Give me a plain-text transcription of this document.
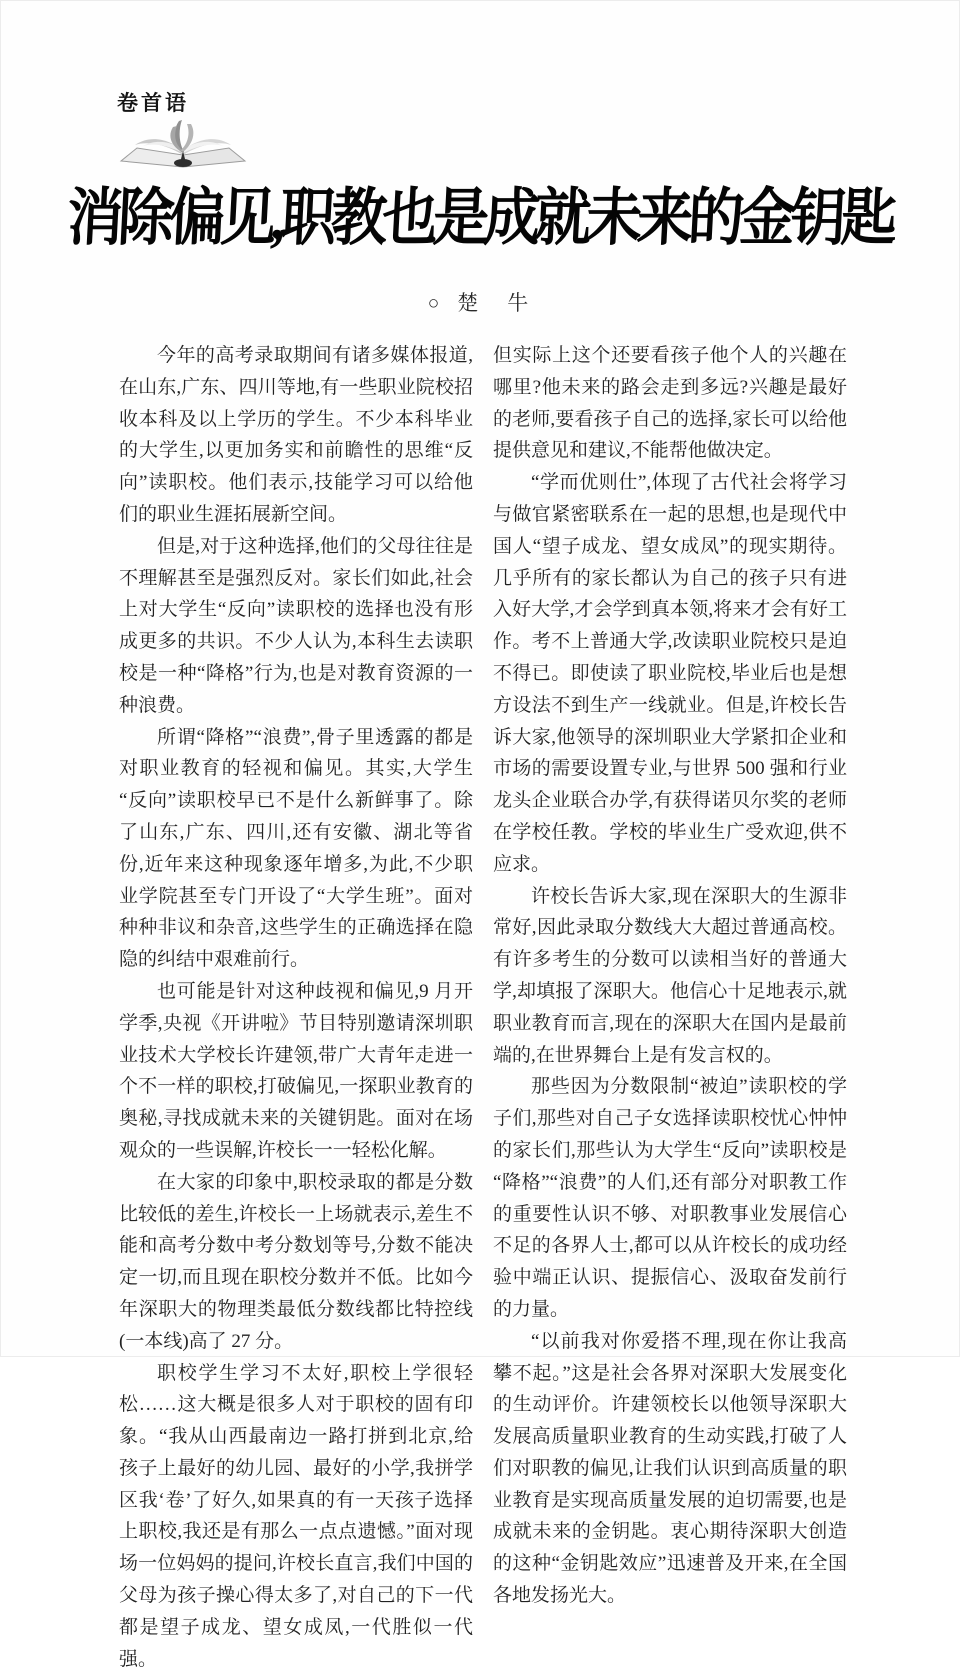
卷首语
消除偏见,职教也是成就未来的金钥匙
○ 楚　牛

今年的高考录取期间有诸多媒体报道,在山东,广东、四川等地,有一些职业院校招收本科及以上学历的学生。不少本科毕业的大学生,以更加务实和前瞻性的思维“反向”读职校。他们表示,技能学习可以给他们的职业生涯拓展新空间。

但是,对于这种选择,他们的父母往往是不理解甚至是强烈反对。家长们如此,社会上对大学生“反向”读职校的选择也没有形成更多的共识。不少人认为,本科生去读职校是一种“降格”行为,也是对教育资源的一种浪费。

所谓“降格”“浪费”,骨子里透露的都是对职业教育的轻视和偏见。其实,大学生“反向”读职校早已不是什么新鲜事了。除了山东,广东、四川,还有安徽、湖北等省份,近年来这种现象逐年增多,为此,不少职业学院甚至专门开设了“大学生班”。面对种种非议和杂音,这些学生的正确选择在隐隐的纠结中艰难前行。

也可能是针对这种歧视和偏见,9 月开学季,央视《开讲啦》节目特别邀请深圳职业技术大学校长许建领,带广大青年走进一个不一样的职校,打破偏见,一探职业教育的奥秘,寻找成就未来的关键钥匙。面对在场观众的一些误解,许校长一一轻松化解。

在大家的印象中,职校录取的都是分数比较低的差生,许校长一上场就表示,差生不能和高考分数中考分数划等号,分数不能决定一切,而且现在职校分数并不低。比如今年深职大的物理类最低分数线都比特控线(一本线)高了 27 分。

职校学生学习不太好,职校上学很轻松……这大概是很多人对于职校的固有印象。“我从山西最南边一路打拼到北京,给孩子上最好的幼儿园、最好的小学,我拼学区我‘卷’了好久,如果真的有一天孩子选择上职校,我还是有那么一点点遗憾。”面对现场一位妈妈的提问,许校长直言,我们中国的父母为孩子操心得太多了,对自己的下一代都是望子成龙、望女成凤,一代胜似一代强。

但实际上这个还要看孩子他个人的兴趣在哪里?他未来的路会走到多远?兴趣是最好的老师,要看孩子自己的选择,家长可以给他提供意见和建议,不能帮他做决定。

“学而优则仕”,体现了古代社会将学习与做官紧密联系在一起的思想,也是现代中国人“望子成龙、望女成凤”的现实期待。几乎所有的家长都认为自己的孩子只有进入好大学,才会学到真本领,将来才会有好工作。考不上普通大学,改读职业院校只是迫不得已。即使读了职业院校,毕业后也是想方设法不到生产一线就业。但是,许校长告诉大家,他领导的深圳职业大学紧扣企业和市场的需要设置专业,与世界 500 强和行业龙头企业联合办学,有获得诺贝尔奖的老师在学校任教。学校的毕业生广受欢迎,供不应求。

许校长告诉大家,现在深职大的生源非常好,因此录取分数线大大超过普通高校。有许多考生的分数可以读相当好的普通大学,却填报了深职大。他信心十足地表示,就职业教育而言,现在的深职大在国内是最前端的,在世界舞台上是有发言权的。

那些因为分数限制“被迫”读职校的学子们,那些对自己子女选择读职校忧心忡忡的家长们,那些认为大学生“反向”读职校是“降格”“浪费”的人们,还有部分对职教工作的重要性认识不够、对职教事业发展信心不足的各界人士,都可以从许校长的成功经验中端正认识、提振信心、汲取奋发前行的力量。

“以前我对你爱搭不理,现在你让我高攀不起。”这是社会各界对深职大发展变化的生动评价。许建领校长以他领导深职大发展高质量职业教育的生动实践,打破了人们对职教的偏见,让我们认识到高质量的职业教育是实现高质量发展的迫切需要,也是成就未来的金钥匙。衷心期待深职大创造的这种“金钥匙效应”迅速普及开来,在全国各地发扬光大。
